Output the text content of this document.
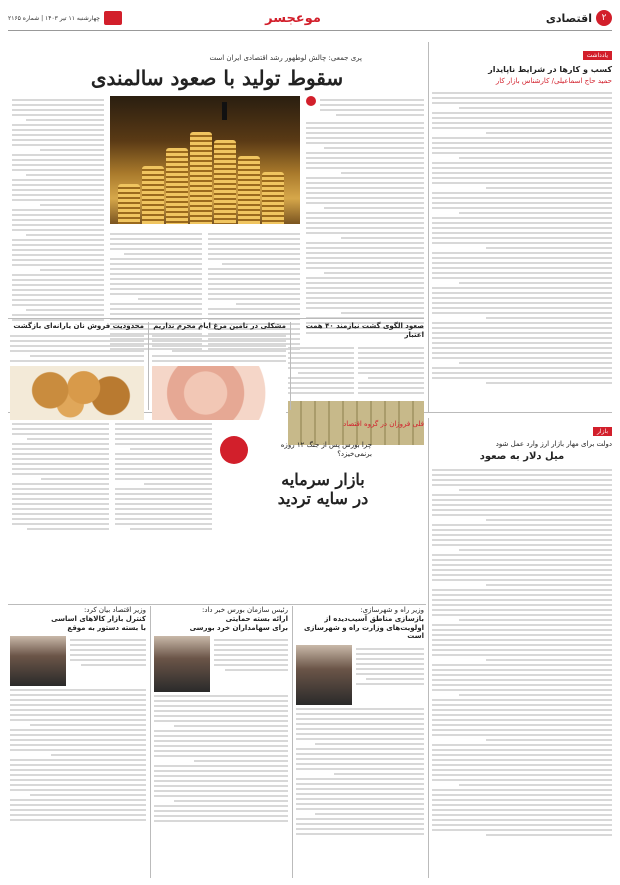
۲
اقتصادی
موعجسر
چهارشنبه ۱۱ تیر ۱۴۰۳ | شماره ۲۱۶۵
یادداشت
کسب و کارها در شرایط ناپایدار
حمید حاج اسماعیلی/ کارشناس بازار کار
پری جمعی: چالش لوطهور رشد اقتصادی ایران است
سقوط تولید با صعود سالمندی
صعود الگوی گشت نیازمند ۴۰ همت اعتبار
مشکلی در تامین مرغ ایام محرم نداریم
محدودیت فروش نان یارانه‌ای بازگشت
بازار
دولت برای مهار بازار ارز وارد عمل شود
میل دلار به صعود
فلی فروزان در گروه اقتصاد
چرا بورس پس از جنگ ۱۲ روزه برنمی‌خیزد؟
بازار سرمایه
در سایه تردید
وزیر راه و شهرسازی:
بازسازی مناطق آسیب‌دیده از
اولویت‌های وزارت راه و شهرسازی است
رئیس سازمان بورس خبر داد:
ارائه بسته حمایتی
برای سهامداران خرد بورسی
وزیر اقتصاد بیان کرد:
کنترل بازار کالاهای اساسی
با بسته دستور به موقع
